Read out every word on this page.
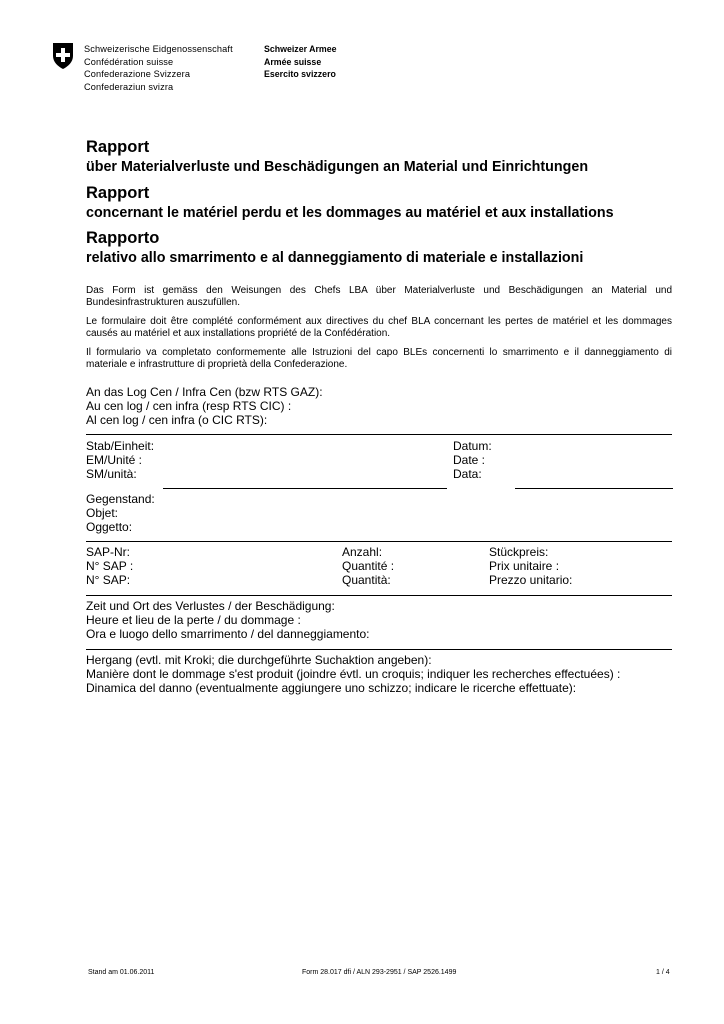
Schweizerische Eidgenossenschaft
Confédération suisse
Confederazione Svizzera
Confederaziun svizra
Schweizer Armee
Armée suisse
Esercito svizzero
Rapport
über Materialverluste und Beschädigungen an Material und Einrichtungen
Rapport
concernant le matériel perdu et les dommages au matériel et aux installations
Rapporto
relativo allo smarrimento e al danneggiamento di materiale e installazioni
Das Form ist gemäss den Weisungen des Chefs LBA über Materialverluste und Beschädigungen an Material und Bundesinfrastrukturen auszufüllen.
Le formulaire doit être complété conformément aux directives du chef BLA concernant les pertes de matériel et les dommages causés au matériel et aux installations propriété de la Confédération.
Il formulario va completato conformemente alle Istruzioni del capo BLEs concernenti lo smarrimento e il danneggiamento di materiale e infrastrutture di proprietà della Confederazione.
An das Log Cen / Infra Cen (bzw RTS GAZ):
Au cen log / cen infra (resp RTS CIC) :
Al cen log / cen infra (o CIC RTS):
Stab/Einheit:
EM/Unité :
SM/unità:
Datum:
Date :
Data:
Gegenstand:
Objet:
Oggetto:
SAP-Nr:
N° SAP :
N° SAP:
Anzahl:
Quantité :
Quantità:
Stückpreis:
Prix unitaire :
Prezzo unitario:
Zeit und Ort des Verlustes / der Beschädigung:
Heure et lieu de la perte / du dommage :
Ora e luogo dello smarrimento / del danneggiamento:
Hergang (evtl. mit Kroki; die durchgeführte Suchaktion angeben):
Manière dont le dommage s'est produit (joindre évtl. un croquis; indiquer les recherches effectuées) :
Dinamica del danno (eventualmente aggiungere uno schizzo; indicare le ricerche effettuate):
Stand am 01.06.2011	Form 28.017 dfi / ALN 293-2951 / SAP 2526.1499	1 / 4
